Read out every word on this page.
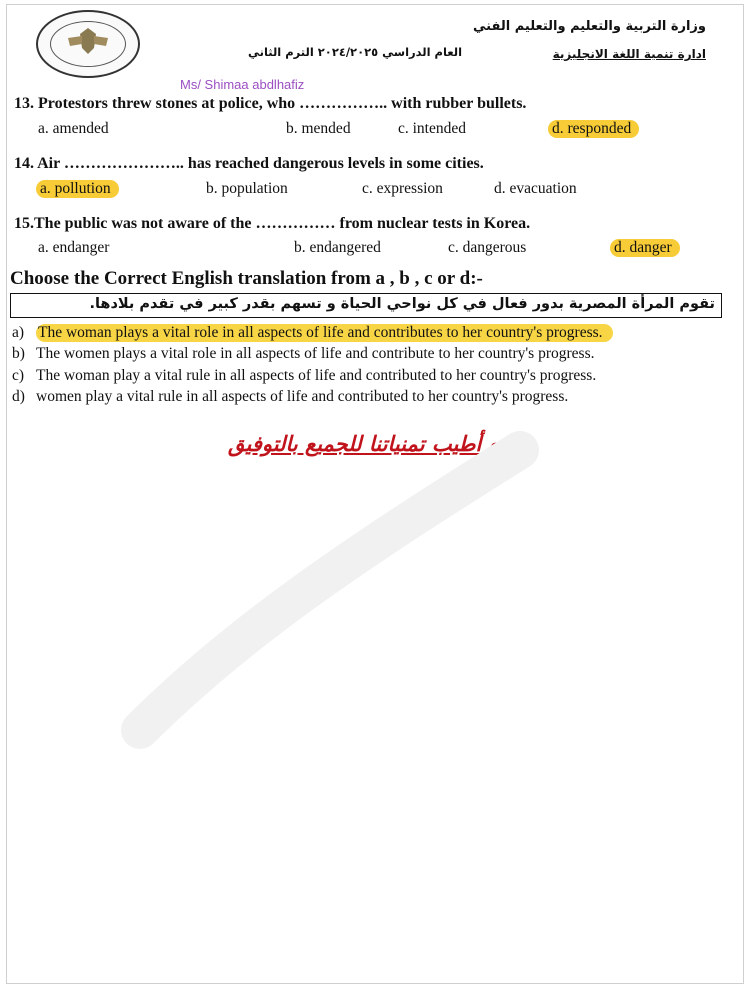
وزارة التربية والتعليم والتعليم الفني
ادارة تنمية اللغة الانجليزية
العام الدراسي ٢٠٢٤/٢٠٢٥ الترم الثاني
Ms/ Shimaa abdlhafiz
13. Protestors threw stones at police, who …………….. with rubber bullets.
a. amended	b. mended	c. intended	d. responded
14. Air ………………….. has reached dangerous levels in some cities.
a. pollution	b. population	c. expression	d. evacuation
15.The public was not aware of the …………… from nuclear tests in Korea.
a. endanger	b. endangered	c. dangerous	d. danger
Choose the Correct English translation from a , b , c or d:-
تقوم المرأة المصرية بدور فعال في كل نواحي الحياة و تسهم بقدر كبير في تقدم بلادها.
a) The woman plays a vital role in all aspects of life and contributes to her country's progress.
b) The women plays a vital role in all aspects of life and contribute to her country's progress.
c) The woman play a vital rule in all aspects of life and contributed to her country's progress.
d) women play a vital rule in all aspects of life and contributed to her country's progress.
مع أطيب تمنياتنا للجميع بالتوفيق
